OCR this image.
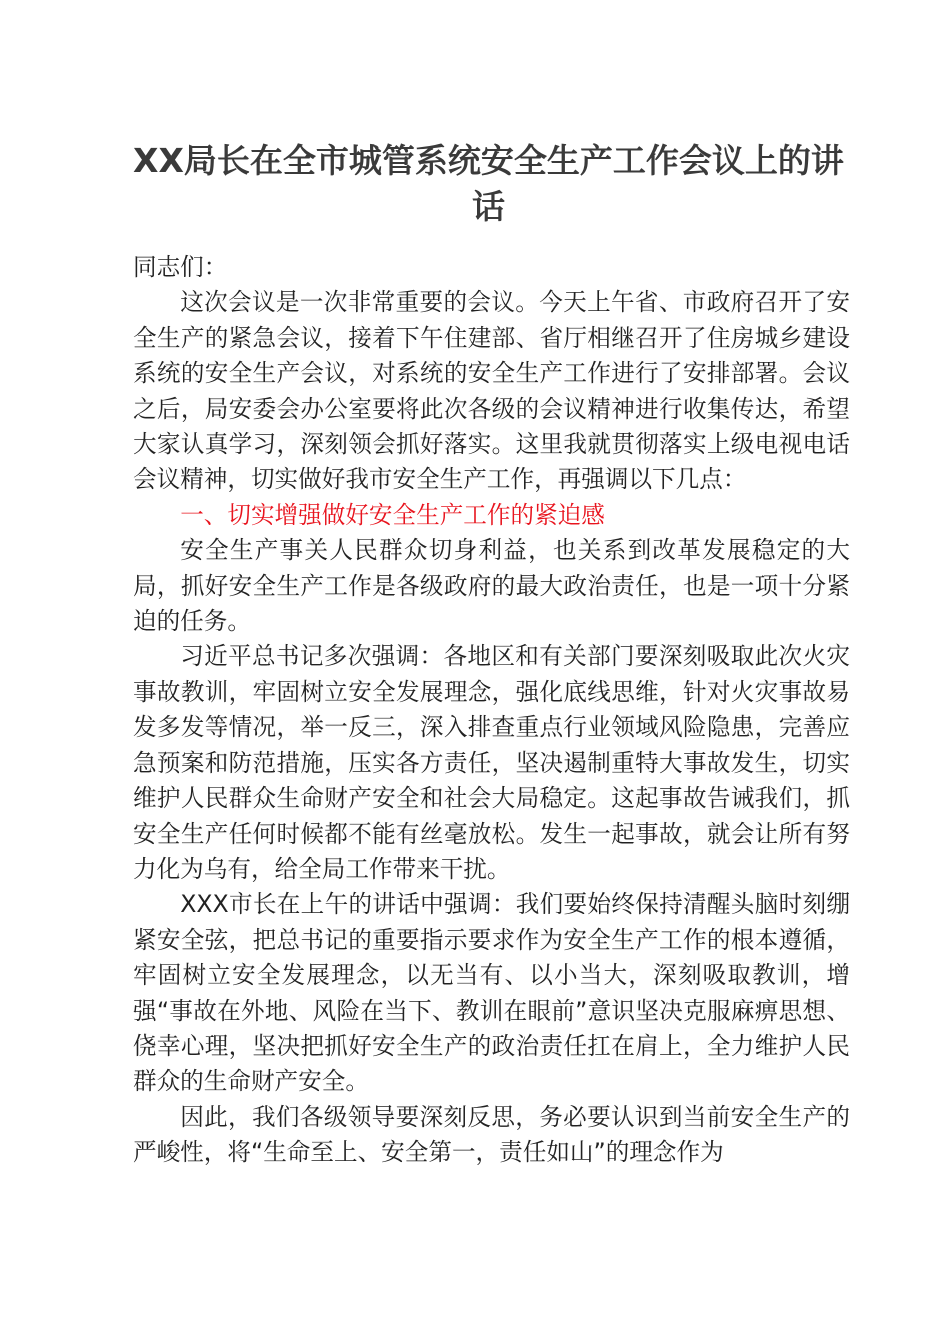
XX局长在全市城管系统安全生产工作会议上的讲话

同志们：

这次会议是一次非常重要的会议。今天上午省、市政府召开了安全生产的紧急会议，接着下午住建部、省厅相继召开了住房城乡建设系统的安全生产会议，对系统的安全生产工作进行了安排部署。会议之后，局安委会办公室要将此次各级的会议精神进行收集传达，希望大家认真学习，深刻领会抓好落实。这里我就贯彻落实上级电视电话会议精神，切实做好我市安全生产工作，再强调以下几点：

一、切实增强做好安全生产工作的紧迫感

安全生产事关人民群众切身利益，也关系到改革发展稳定的大局，抓好安全生产工作是各级政府的最大政治责任，也是一项十分紧迫的任务。

习近平总书记多次强调：各地区和有关部门要深刻吸取此次火灾事故教训，牢固树立安全发展理念，强化底线思维，针对火灾事故易发多发等情况，举一反三，深入排查重点行业领域风险隐患，完善应急预案和防范措施，压实各方责任，坚决遏制重特大事故发生，切实维护人民群众生命财产安全和社会大局稳定。这起事故告诫我们，抓安全生产任何时候都不能有丝毫放松。发生一起事故，就会让所有努力化为乌有，给全局工作带来干扰。

XXX市长在上午的讲话中强调：我们要始终保持清醒头脑时刻绷紧安全弦，把总书记的重要指示要求作为安全生产工作的根本遵循，牢固树立安全发展理念，以无当有、以小当大，深刻吸取教训，增强“事故在外地、风险在当下、教训在眼前”意识坚决克服麻痹思想、侥幸心理，坚决把抓好安全生产的政治责任扛在肩上，全力维护人民群众的生命财产安全。

因此，我们各级领导要深刻反思，务必要认识到当前安全生产的严峻性，将“生命至上、安全第一，责任如山”的理念作为
